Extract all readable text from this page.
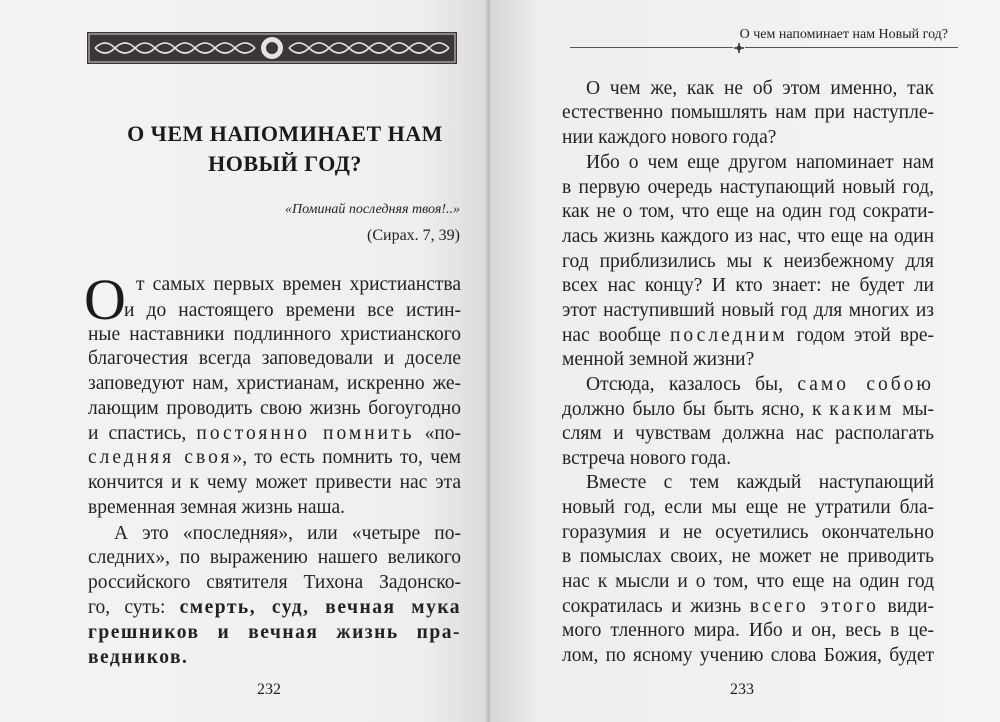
О ЧЕМ НАПОМИНАЕТ НАМ
НОВЫЙ ГОД?
«Поминай последняя твоя!..»
(Сирах. 7, 39)
О т самых первых времен христианства
и до настоящего времени все истин-
ные наставники подлинного христианского
благочестия всегда заповедовали и доселе
заповедуют нам, христианам, искренно же-
лающим проводить свою жизнь богоугодно
и спастись, постоянно помнить «по-
следняя своя», то есть помнить то, чем
кончится и к чему может привести нас эта
временная земная жизнь наша.
А это «последняя», или «четыре по-
следних», по выражению нашего великого
российского святителя Тихона Задонско-
го, суть: смерть, суд, вечная мука
грешников и вечная жизнь пра-
ведников.
232
О чем напоминает нам Новый год?
О чем же, как не об этом именно, так
естественно помышлять нам при наступле-
нии каждого нового года?
Ибо о чем еще другом напоминает нам
в первую очередь наступающий новый год,
как не о том, что еще на один год сократи-
лась жизнь каждого из нас, что еще на один
год приблизились мы к неизбежному для
всех нас концу? И кто знает: не будет ли
этот наступивший новый год для многих из
нас вообще последним годом этой вре-
менной земной жизни?
Отсюда, казалось бы, само собою
должно было бы быть ясно, к каким мы-
слям и чувствам должна нас располагать
встреча нового года.
Вместе с тем каждый наступающий
новый год, если мы еще не утратили бла-
горазумия и не осуетились окончательно
в помыслах своих, не может не приводить
нас к мысли и о том, что еще на один год
сократилась и жизнь всего этого види-
мого тленного мира. Ибо и он, весь в це-
лом, по ясному учению слова Божия, будет
233
